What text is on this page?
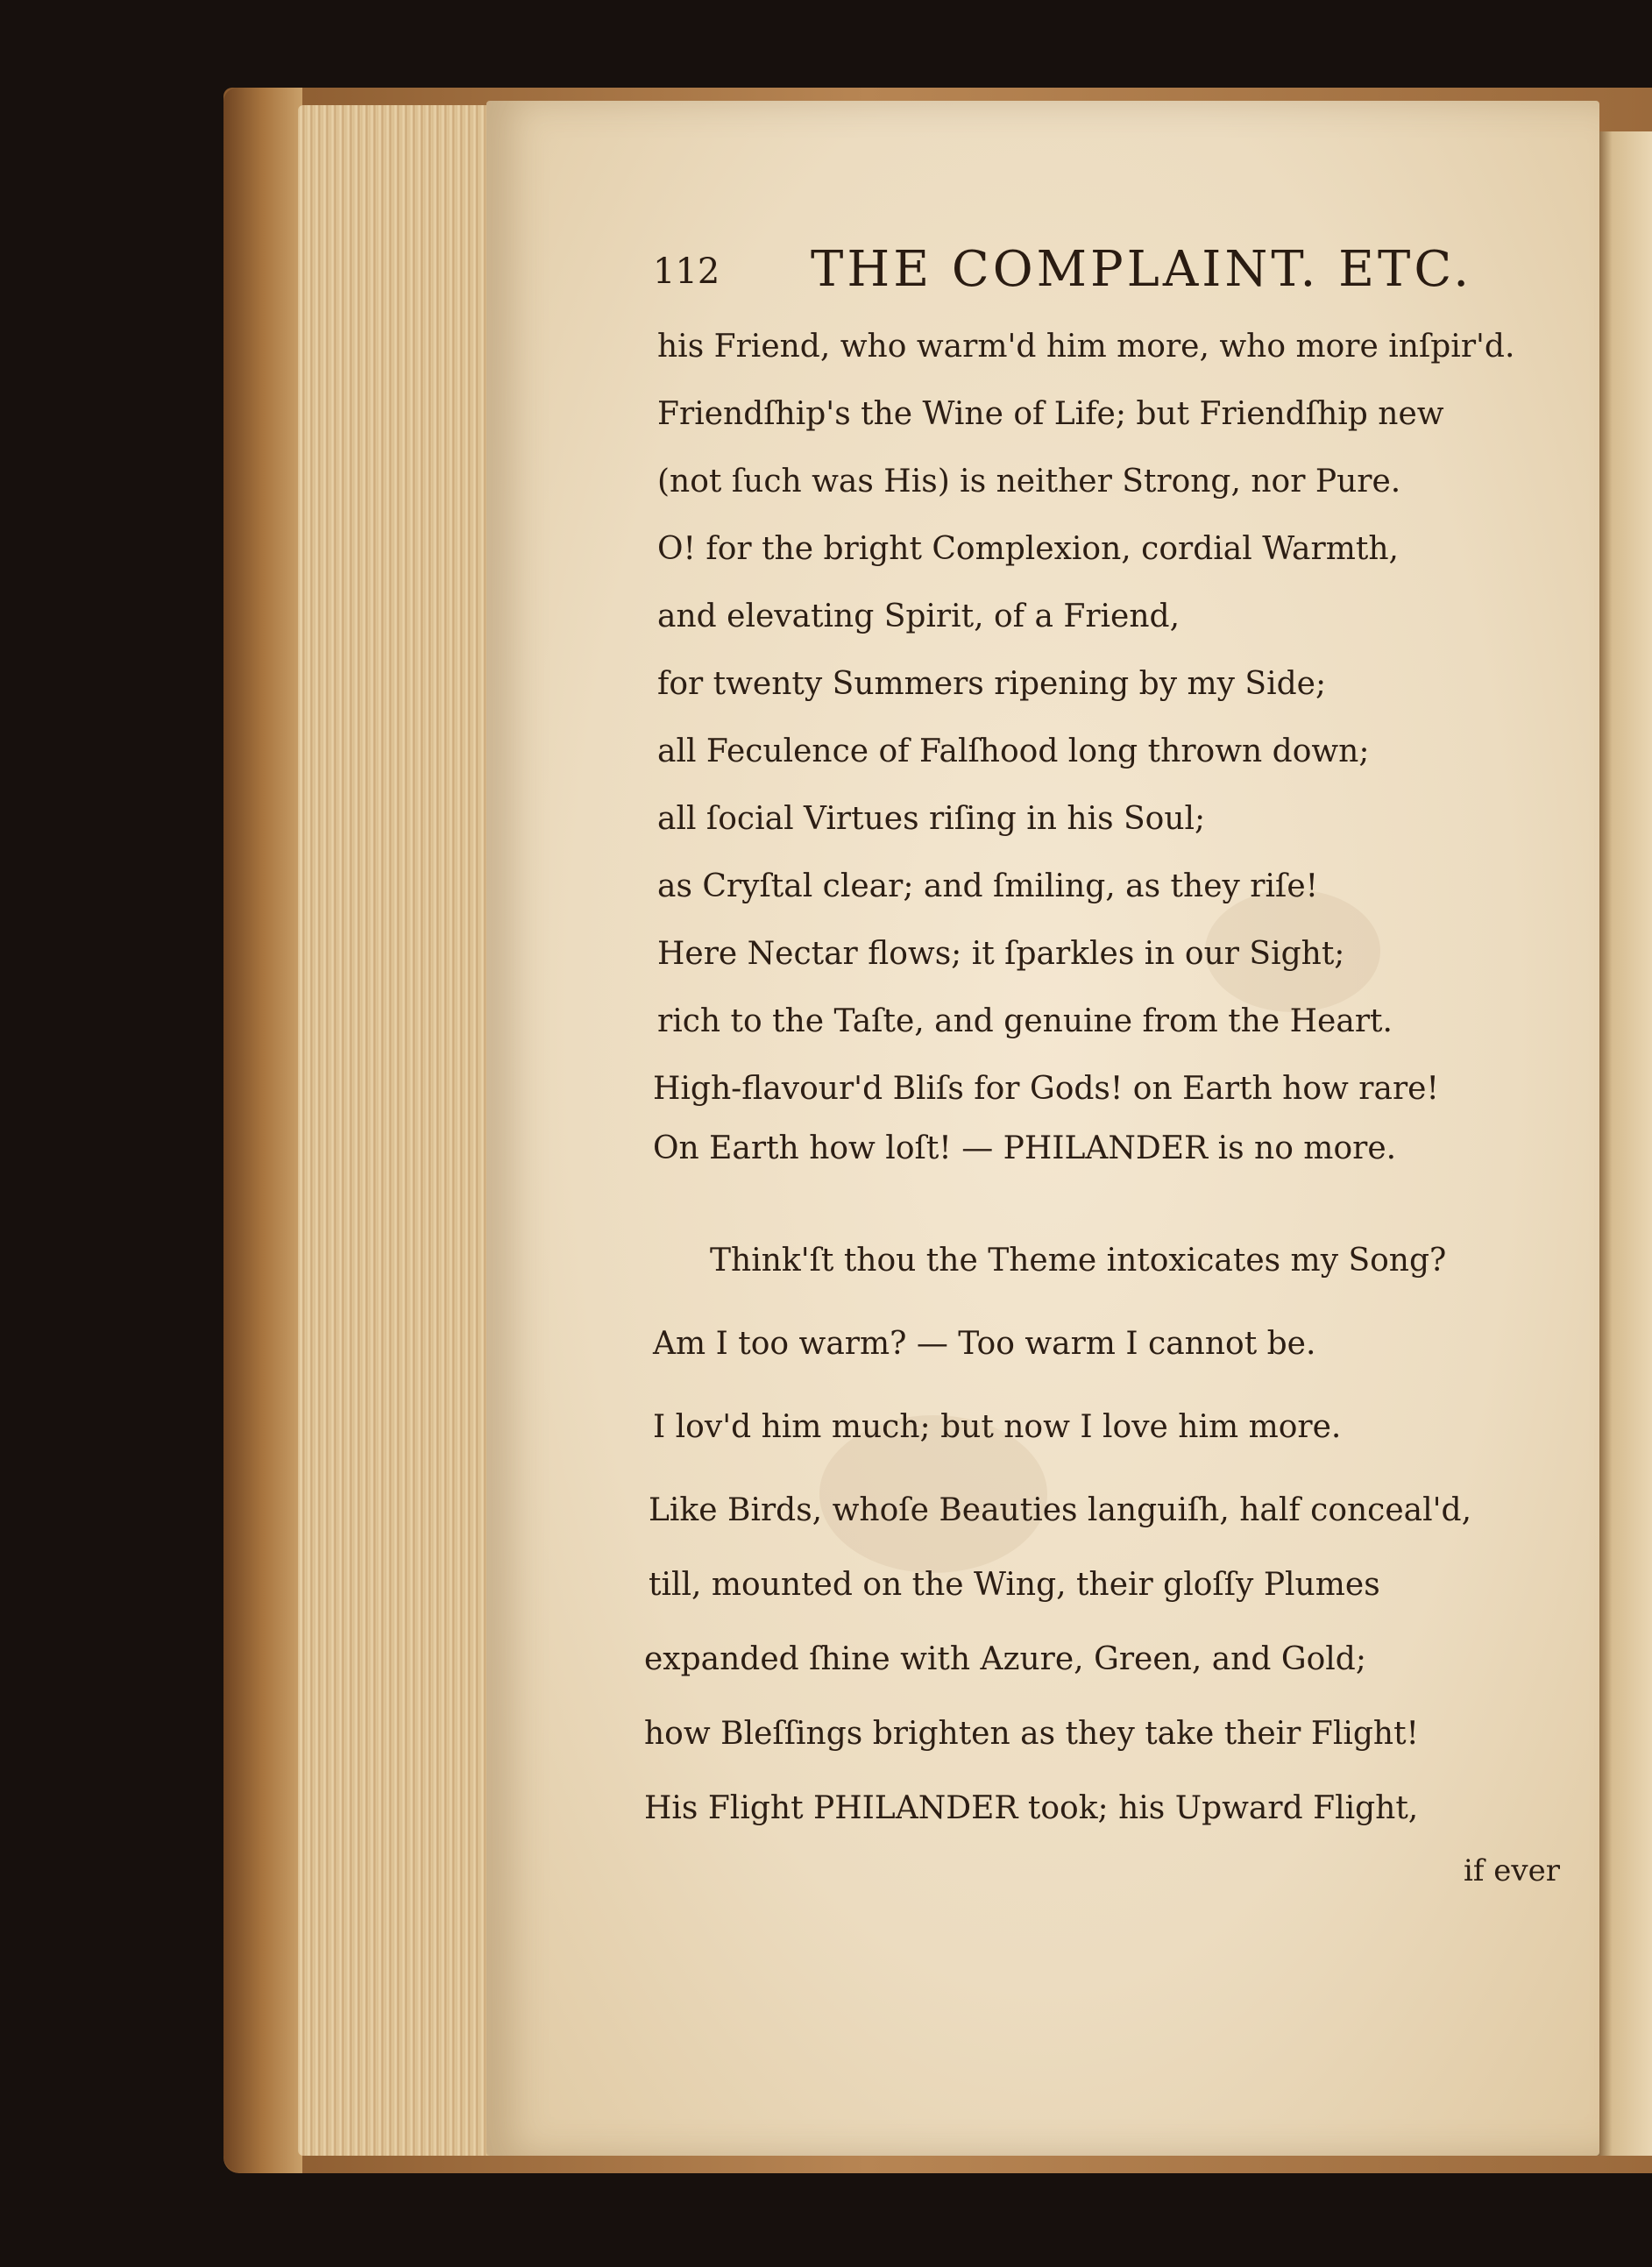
112 THE COMPLAINT. ETC.
his Friend, who warm'd him more, who more inſpir'd.
Friendſhip's the Wine of Life; but Friendſhip new
(not ſuch was His) is neither Strong, nor Pure.
O! for the bright Complexion, cordial Warmth,
and elevating Spirit, of a Friend,
for twenty Summers ripening by my Side;
all Feculence of Falſhood long thrown down;
all ſocial Virtues riſing in his Soul;
as Cryſtal clear; and ſmiling, as they riſe!
Here Nectar flows; it ſparkles in our Sight;
rich to the Taſte, and genuine from the Heart.
High-flavour'd Bliſs for Gods! on Earth how rare!
On Earth how loſt! — PHILANDER is no more.
Think'ſt thou the Theme intoxicates my Song?
Am I too warm? — Too warm I cannot be.
I lov'd him much; but now I love him more.
Like Birds, whoſe Beauties languiſh, half conceal'd,
till, mounted on the Wing, their gloſſy Plumes
expanded ſhine with Azure, Green, and Gold;
how Bleſſings brighten as they take their Flight!
His Flight PHILANDER took; his Upward Flight,
if ever
